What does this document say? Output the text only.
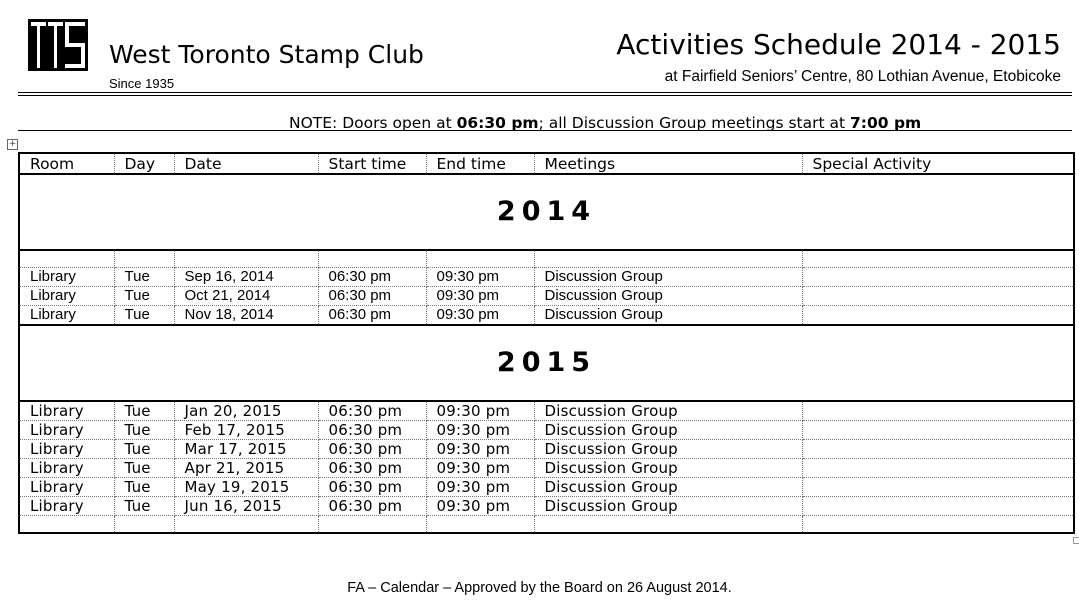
West Toronto Stamp Club
Since 1935
Activities Schedule 2014 - 2015
at Fairfield Seniors’ Centre, 80 Lothian Avenue, Etobicoke
NOTE: Doors open at 06:30 pm; all Discussion Group meetings start at 7:00 pm
+
Room	Day	Date	Start time	End time	Meetings	Special Activity
2014						

Library	Tue	Sep 16, 2014	06:30 pm	09:30 pm	Discussion Group	
Library	Tue	Oct 21, 2014	06:30 pm	09:30 pm	Discussion Group	
Library	Tue	Nov 18, 2014	06:30 pm	09:30 pm	Discussion Group	
2015						
Library	Tue	Jan 20, 2015	06:30 pm	09:30 pm	Discussion Group	
Library	Tue	Feb 17, 2015	06:30 pm	09:30 pm	Discussion Group	
Library	Tue	Mar 17, 2015	06:30 pm	09:30 pm	Discussion Group	
Library	Tue	Apr 21, 2015	06:30 pm	09:30 pm	Discussion Group	
Library	Tue	May 19, 2015	06:30 pm	09:30 pm	Discussion Group	
Library	Tue	Jun 16, 2015	06:30 pm	09:30 pm	Discussion Group	

FA – Calendar – Approved by the Board on 26 August 2014.
